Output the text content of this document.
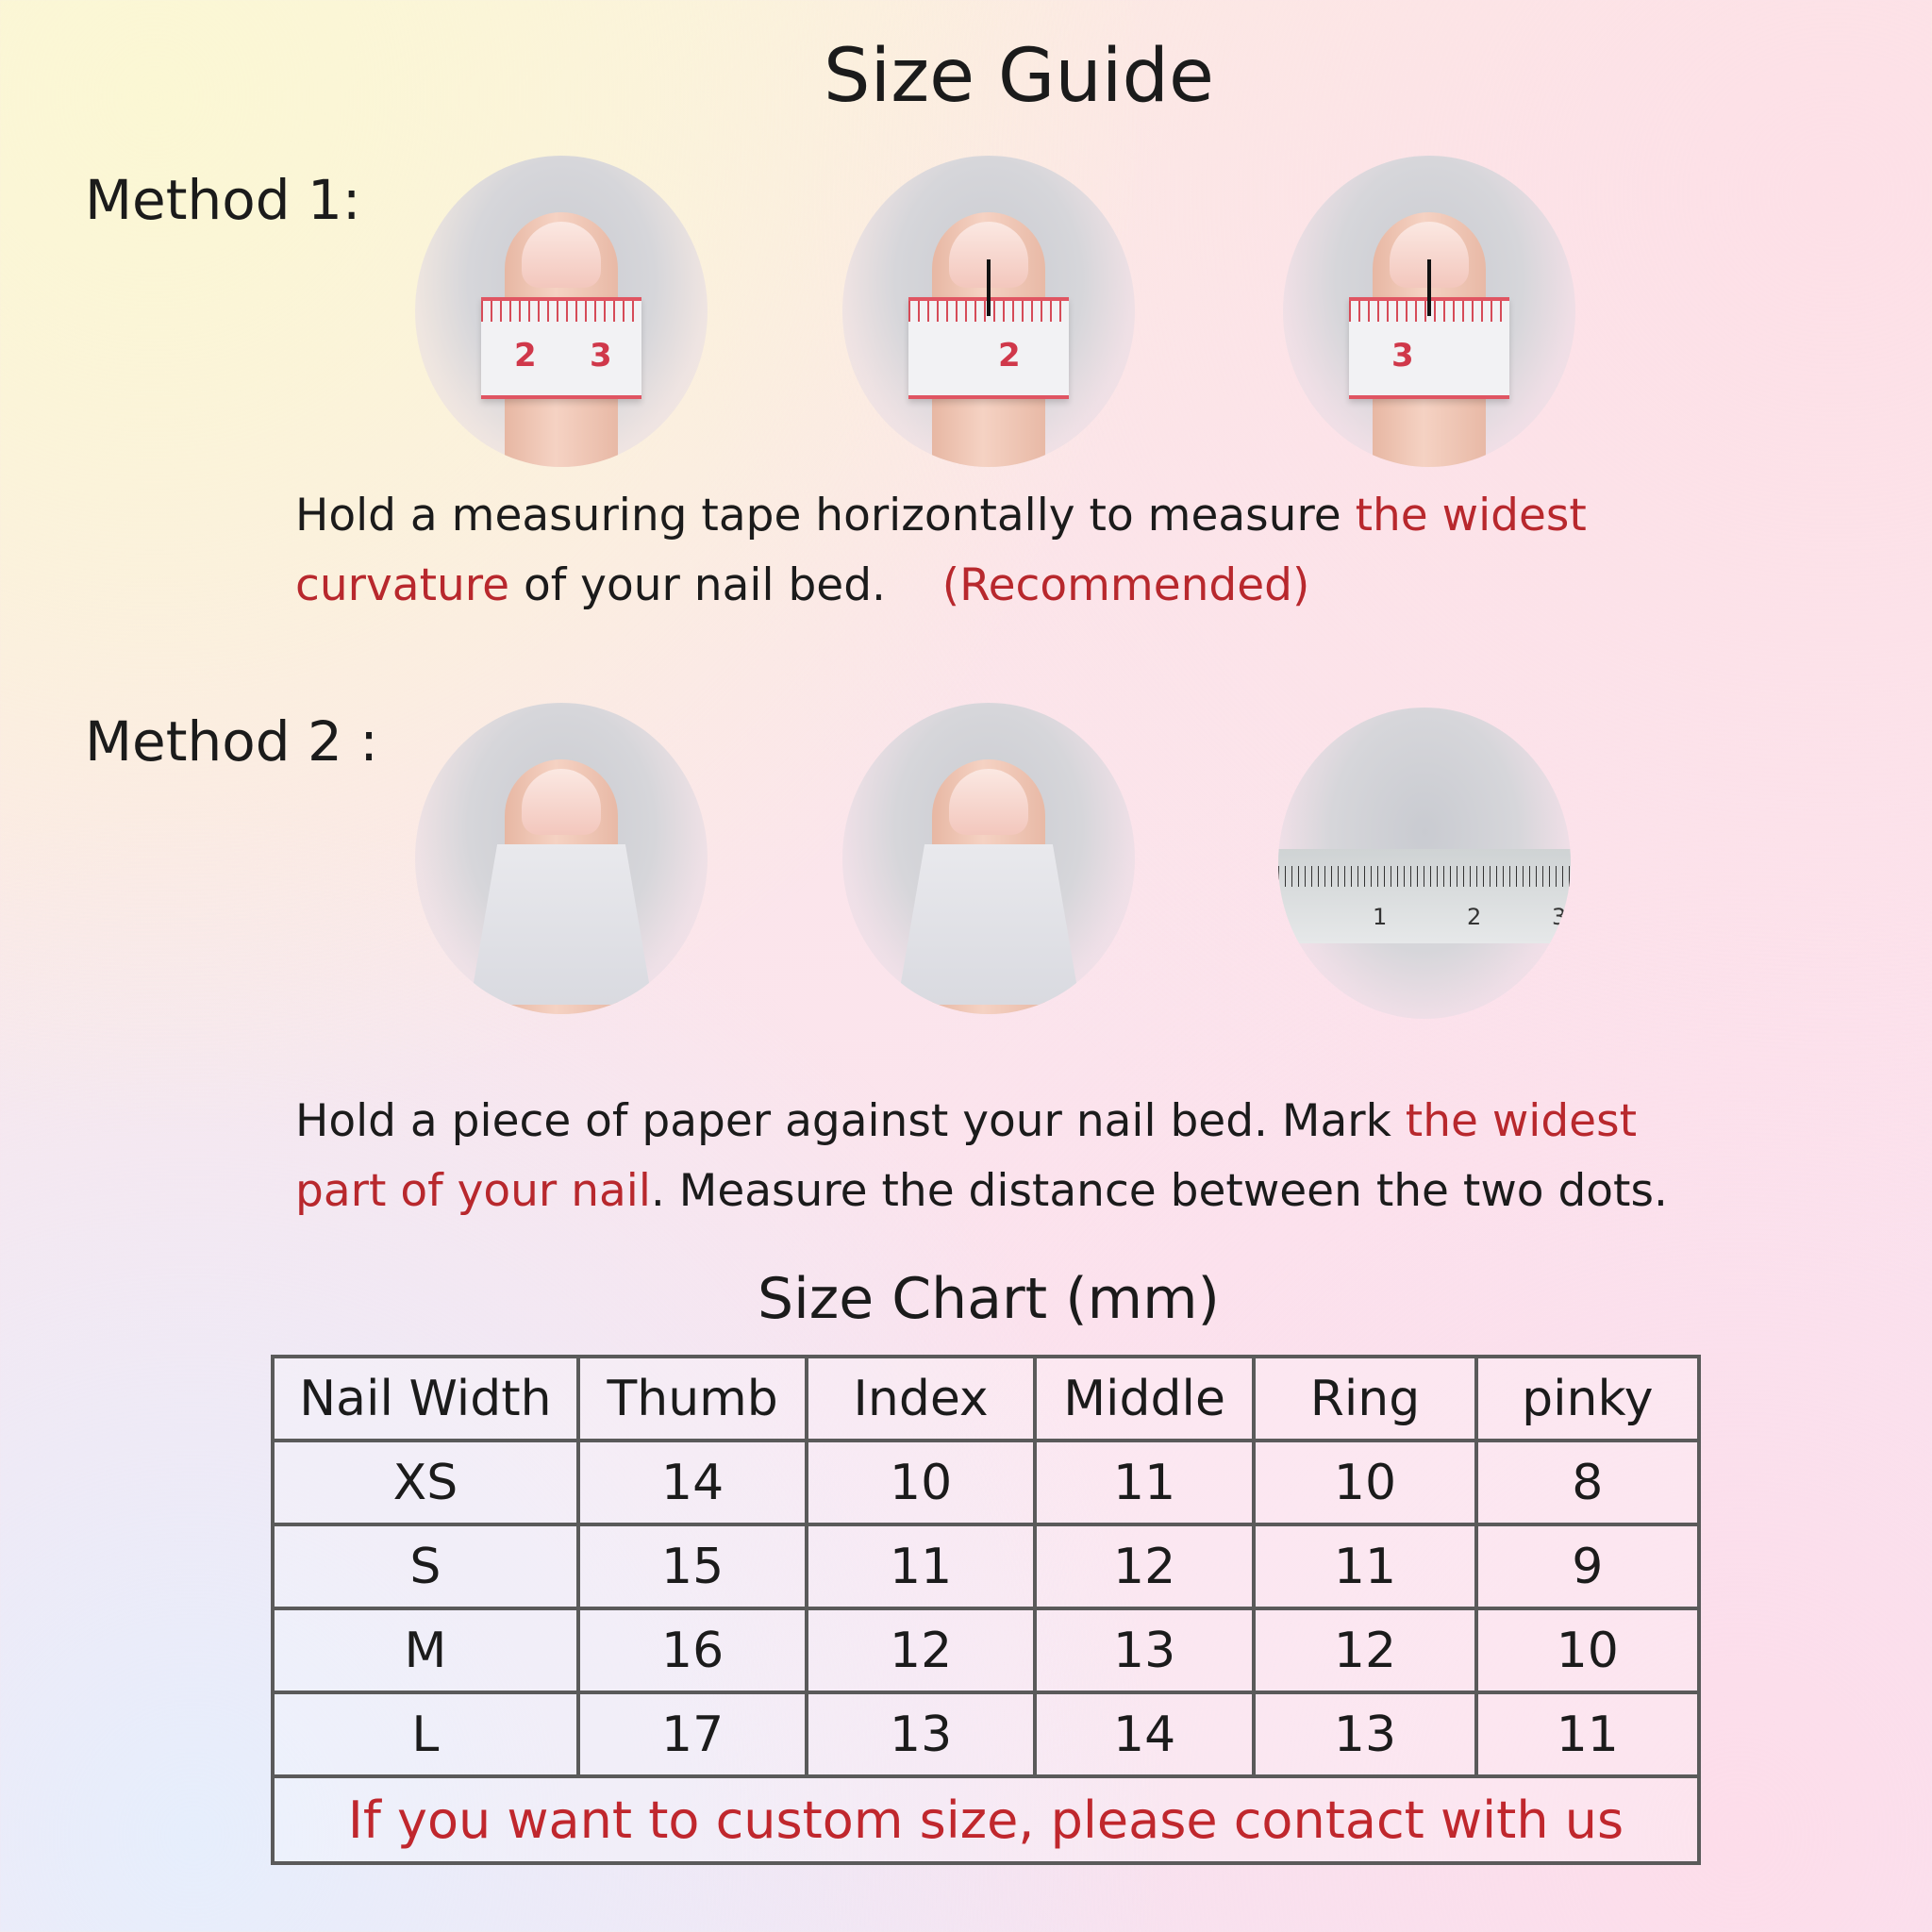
Size Guide
Method 1:
2 3	2	3
Hold a measuring tape horizontally to measure the widest curvature of your nail bed. (Recommended)
Method 2 :
1	2	3
Hold a piece of paper against your nail bed. Mark the widest part of your nail. Measure the distance between the two dots.
Size Chart (mm)
Nail Width	Thumb	Index	Middle	Ring	pinky
XS	14	10	11	10	8
S	15	11	12	11	9
M	16	12	13	12	10
L	17	13	14	13	11
If you want to custom size, please contact with us					
